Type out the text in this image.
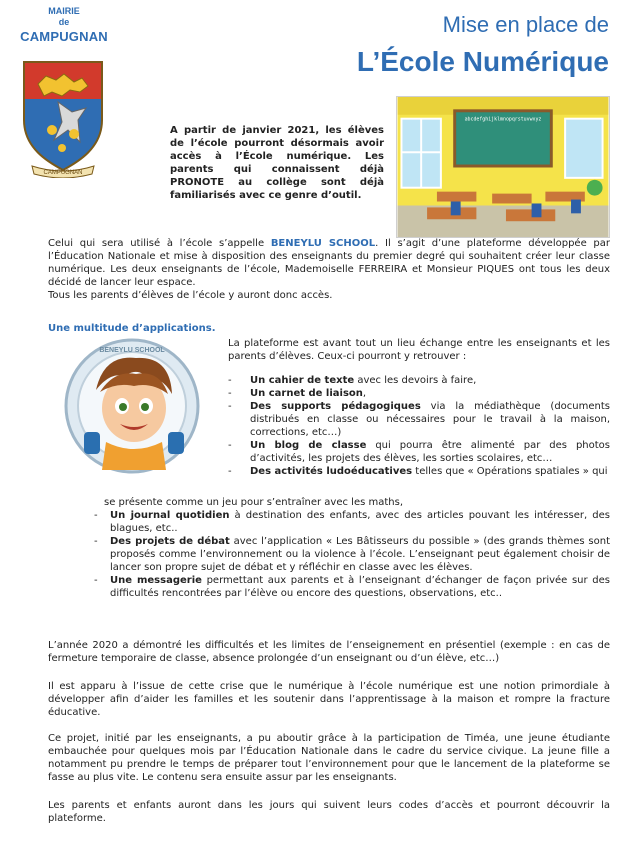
MAIRIE
de
CAMPUGNAN
CAMPUGNAN
Mise en place de
L’École Numérique
abcdefghijklmnopqrstuvwxyz
A partir de janvier 2021, les élèves de l’école pourront désormais avoir accès à l’École numérique. Les parents qui connaissent déjà PRONOTE au collège sont déjà familiarisés avec ce genre d’outil.
Celui qui sera utilisé à l’école s’appelle BENEYLU SCHOOL. Il s’agit d’une plateforme développée par l’Éducation Nationale et mise à disposition des enseignants du premier degré qui souhaitent créer leur classe numérique. Les deux enseignants de l’école, Mademoiselle FERREIRA et Monsieur PIQUES ont tous les deux décidé de lancer leur espace.
Tous les parents d’élèves de l’école y auront donc accès.
Une multitude d’applications.
BENEYLU SCHOOL
La plateforme est avant tout un lieu échange entre les enseignants et les parents d’élèves. Ceux-ci pourront y retrouver :
- Un cahier de texte avec les devoirs à faire,
- Un carnet de liaison,
- Des supports pédagogiques via la médiathèque (documents distribués en classe ou nécessaires pour le travail à la maison, corrections, etc…)
- Un blog de classe qui pourra être alimenté par des photos d’activités, les projets des élèves, les sorties scolaires, etc…
- Des activités ludoéducatives telles que « Opérations spatiales » qui
se présente comme un jeu pour s’entraîner avec les maths,
- Un journal quotidien à destination des enfants, avec des articles pouvant les intéresser, des blagues, etc..
- Des projets de débat avec l’application « Les Bâtisseurs du possible » (des grands thèmes sont proposés comme l’environnement ou la violence à l’école. L’enseignant peut également choisir de lancer son propre sujet de débat et y réfléchir en classe avec les élèves.
- Une messagerie permettant aux parents et à l’enseignant d’échanger de façon privée sur des difficultés rencontrées par l’élève ou encore des questions, observations, etc..
L’année 2020 a démontré les difficultés et les limites de l’enseignement en présentiel (exemple : en cas de fermeture temporaire de classe, absence prolongée d’un enseignant ou d’un élève, etc…)
Il est apparu à l’issue de cette crise que le numérique à l’école numérique est une notion primordiale à développer afin d’aider les familles et les soutenir dans l’apprentissage à la maison et rompre la fracture éducative.
Ce projet, initié par les enseignants, a pu aboutir grâce à la participation de Timéa, une jeune étudiante embauchée pour quelques mois par l’Éducation Nationale dans le cadre du service civique. La jeune fille a notamment pu prendre le temps de préparer tout l’environnement pour que le lancement de la plateforme se fasse au plus vite. Le contenu sera ensuite assur par les enseignants.
Les parents et enfants auront dans les jours qui suivent leurs codes d’accès et pourront découvrir la plateforme.
